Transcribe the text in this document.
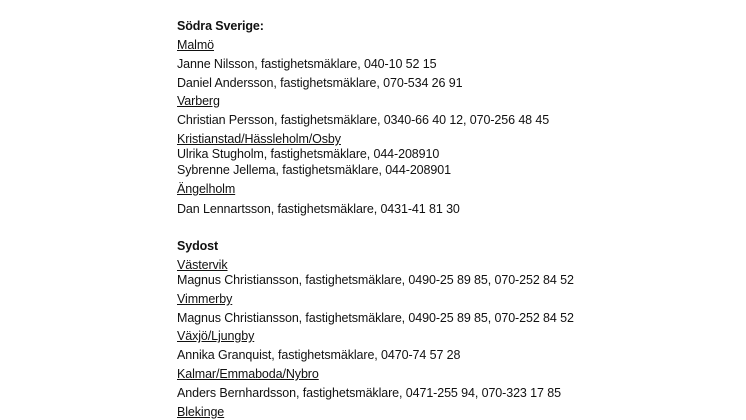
Södra Sverige:
Malmö
Janne Nilsson, fastighetsmäklare, 040-10 52 15
Daniel Andersson, fastighetsmäklare, 070-534 26 91
Varberg
Christian Persson, fastighetsmäklare, 0340-66 40 12, 070-256 48 45
Kristianstad/Hässleholm/Osby
Ulrika Stugholm, fastighetsmäklare, 044-208910
Sybrenne Jellema, fastighetsmäklare, 044-208901
Ängelholm
Dan Lennartsson, fastighetsmäklare, 0431-41 81 30
Sydost
Västervik
Magnus Christiansson, fastighetsmäklare, 0490-25 89 85, 070-252 84 52
Vimmerby
Magnus Christiansson, fastighetsmäklare, 0490-25 89 85, 070-252 84 52
Växjö/Ljungby
Annika Granquist, fastighetsmäklare, 0470-74 57 28
Kalmar/Emmaboda/Nybro
Anders Bernhardsson, fastighetsmäklare, 0471-255 94, 070-323 17 85
Blekinge
